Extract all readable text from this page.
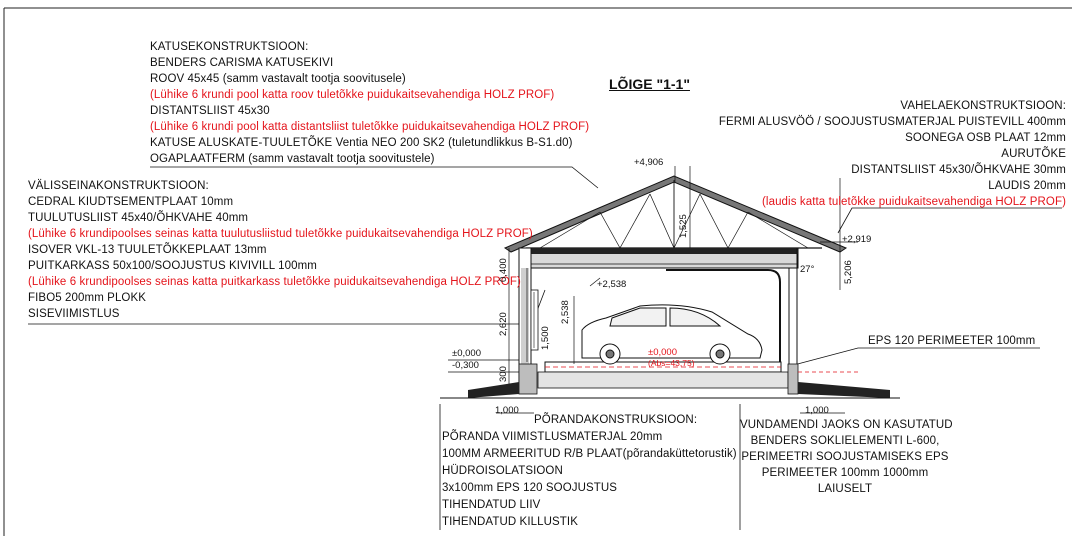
LÕIGE "1-1"
KATUSEKONSTRUKTSIOON:
BENDERS CARISMA KATUSEKIVI
ROOV 45x45 (samm vastavalt tootja soovitusele)
(Lühike 6 krundi pool katta roov tuletõkke puidukaitsevahendiga HOLZ PROF)
DISTANTSLIIST 45x30
(Lühike 6 krundi pool katta distantsliist tuletõkke puidukaitsevahendiga HOLZ PROF)
KATUSE ALUSKATE-TUULETÕKE Ventia NEO 200 SK2 (tuletundlikkus B-S1.d0)
OGAPLAATFERM (samm vastavalt tootja soovitustele)
VÄLISSEINAKONSTRUKTSIOON:
CEDRAL KIUDTSEMENTPLAAT 10mm
TUULUTUSLIIST 45x40/ÕHKVAHE 40mm
(Lühike 6 krundipoolses seinas katta tuulutusliistud tuletõkke puidukaitsevahendiga HOLZ PROF)
ISOVER VKL-13 TUULETÕKKEPLAAT 13mm
PUITKARKASS 50x100/SOOJUSTUS KIVIVILL 100mm
(Lühike 6 krundipoolses seinas katta puitkarkass tuletõkke puidukaitsevahendiga HOLZ PROF)
FIBO5 200mm PLOKK
SISEVIIMISTLUS
VAHELAEKONSTRUKTSIOON:
FERMI ALUSVÖÖ / SOOJUSTUSMATERJAL PUISTEVILL 400mm
SOONEGA OSB PLAAT 12mm
AURUTÕKE
DISTANTSLIIST 45x30/ÕHKVAHE 30mm
LAUDIS 20mm
(laudis katta tuletõkke puidukaitsevahendiga HOLZ PROF)
EPS 120 PERIMEETER 100mm
PÕRANDAKONSTRUKSIOON:
PÕRANDA VIIMISTLUSMATERJAL 20mm
100MM ARMEERITUD R/B PLAAT(põrandaküttetorustik)
HÜDROISOLATSIOON
3x100mm EPS 120 SOOJUSTUS
TIHENDATUD LIIV
TIHENDATUD KILLUSTIK
VUNDAMENDI JAOKS ON KASUTATUD
BENDERS SOKLIELEMENTI L-600,
PERIMEETRI SOOJUSTAMISEKS EPS
PERIMEETER 100mm 1000mm
LAIUSELT
+4,906
+2,919
+2,538
±0,000
-0,300
±0,000
(Abs=43,75)
27°
1,000	1,000
1,525
5,206
0,400
2,620
2,538
1,500
300
